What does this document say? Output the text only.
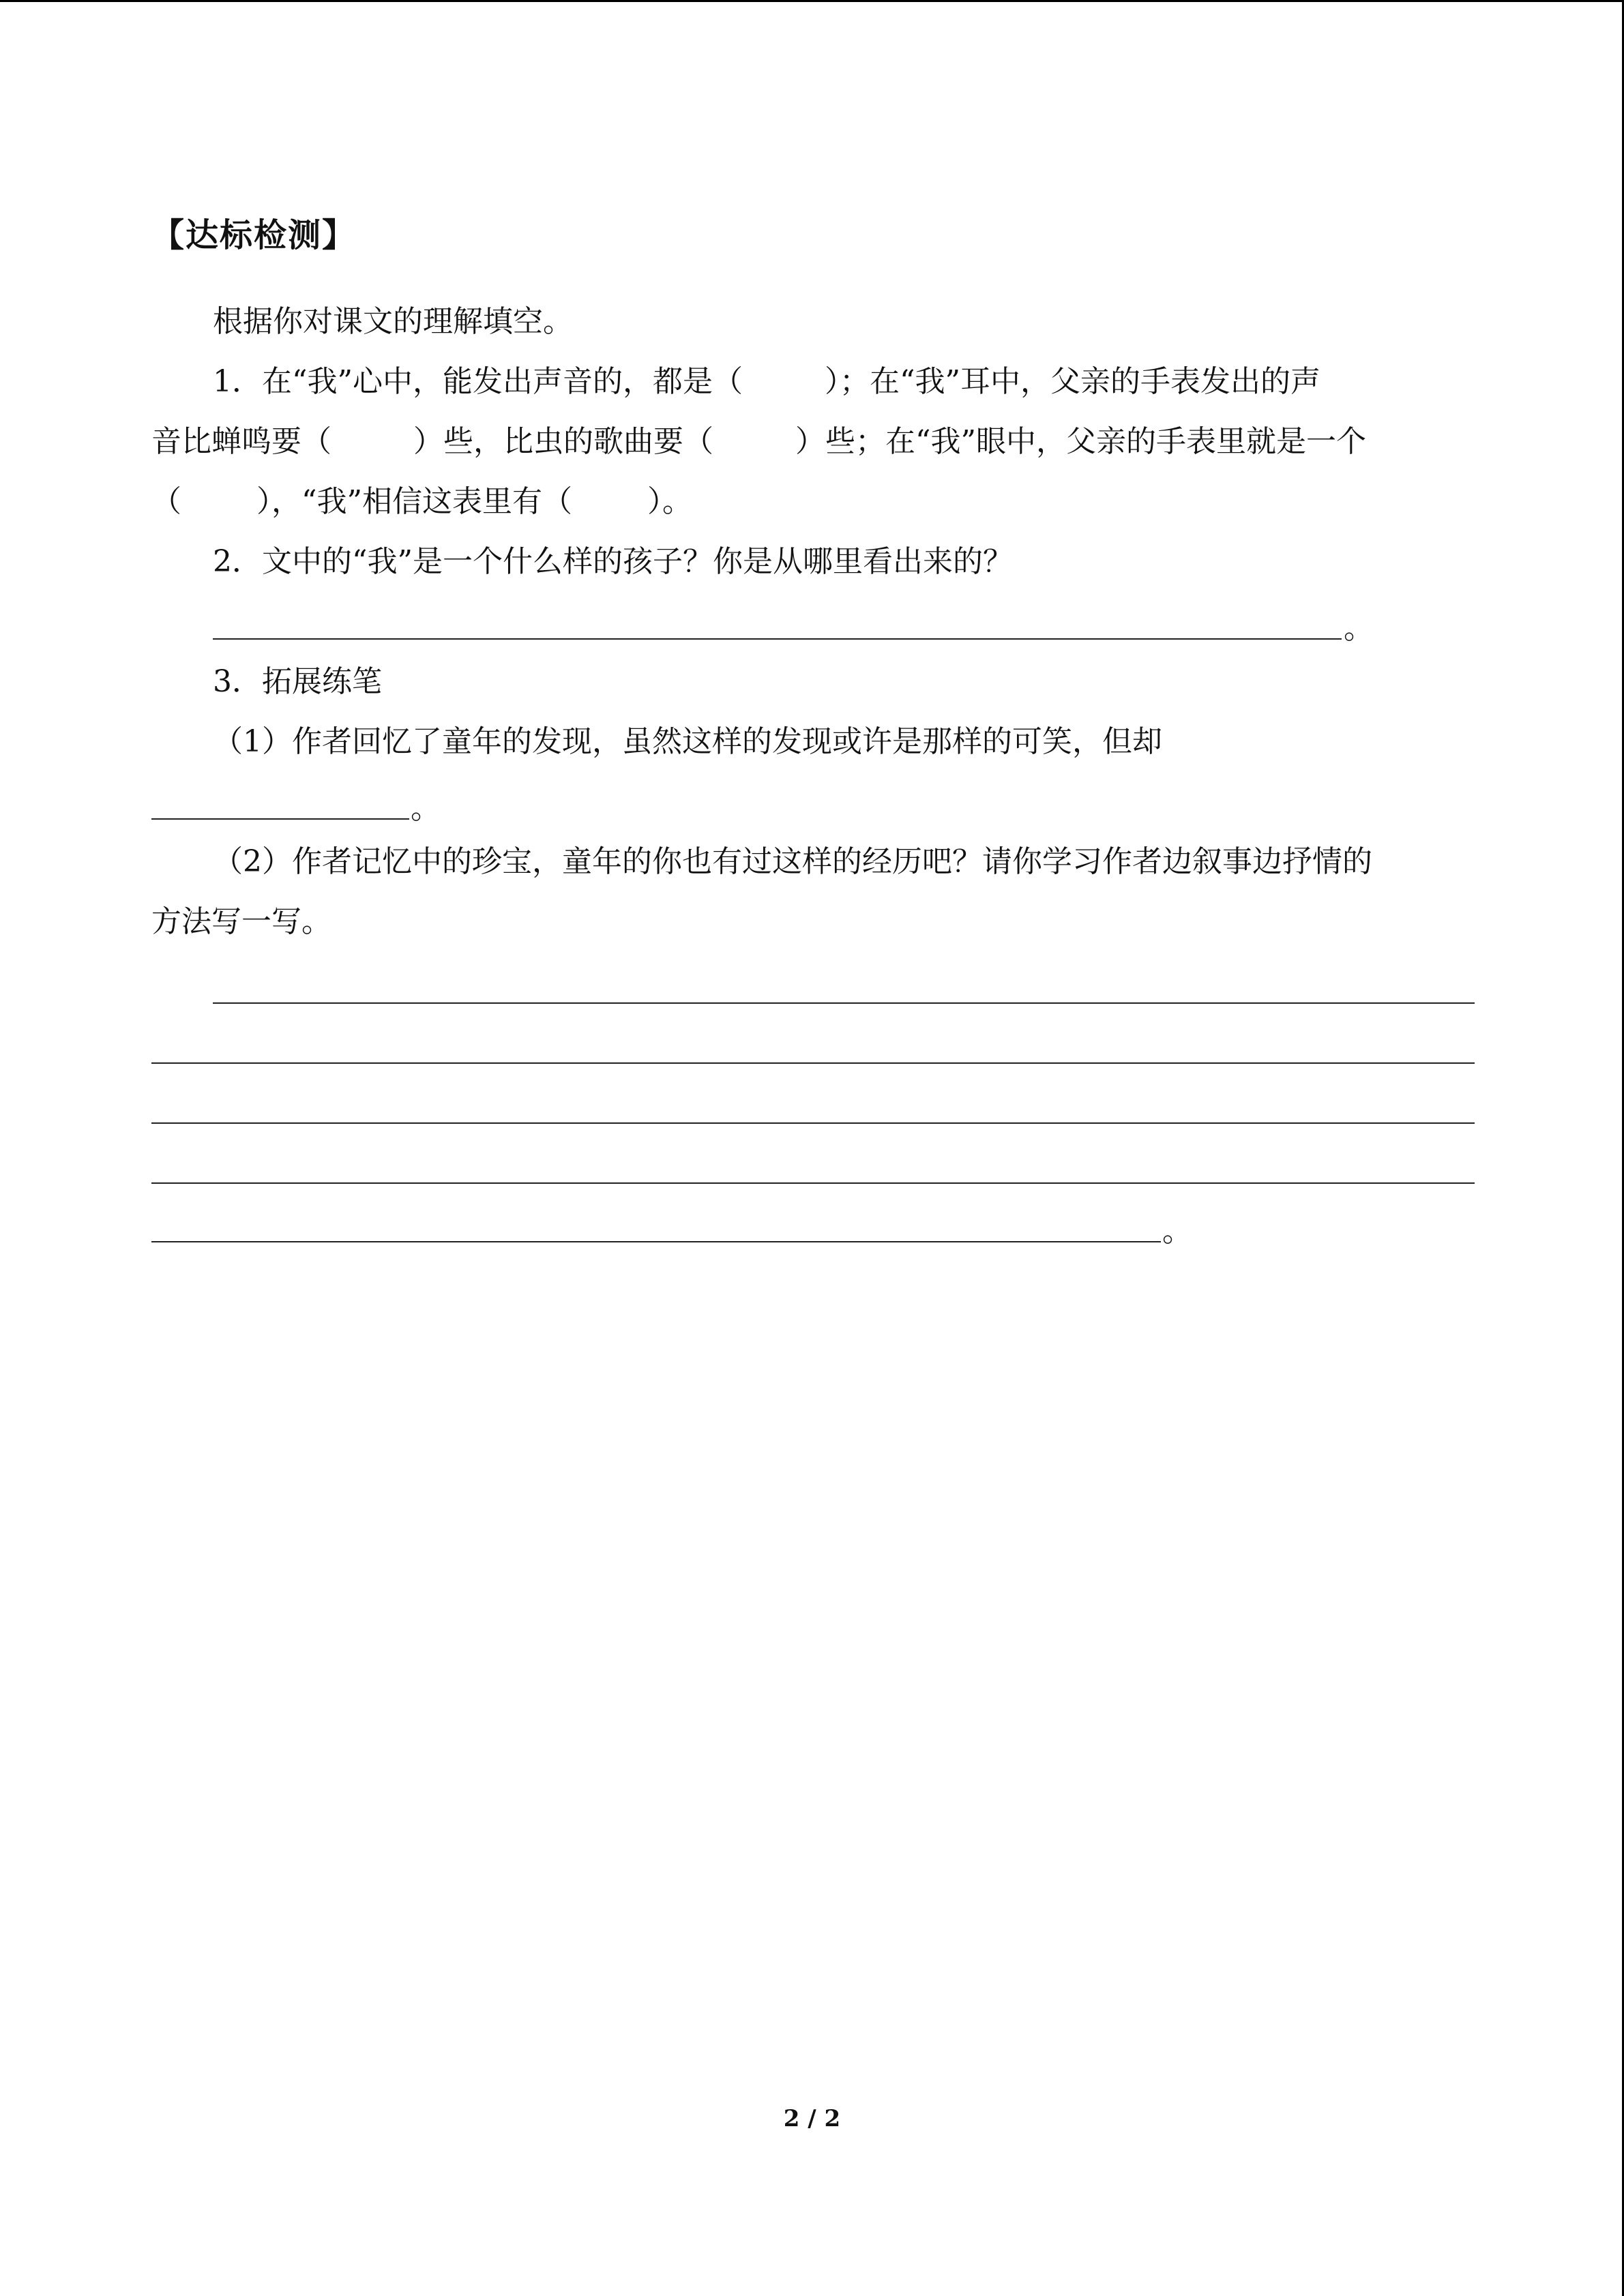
【达标检测】
根据你对课文的理解填空。
1．在“我”心中，能发出声音的，都是（	）；在“我”耳中，父亲的手表发出的声
音比蝉鸣要（	）些，比虫的歌曲要（	）些；在“我”眼中，父亲的手表里就是一个
（	），“我”相信这表里有（	）。
2．文中的“我”是一个什么样的孩子？你是从哪里看出来的？
。
3．拓展练笔
（1）作者回忆了童年的发现，虽然这样的发现或许是那样的可笑，但却
。
（2）作者记忆中的珍宝，童年的你也有过这样的经历吧？请你学习作者边叙事边抒情的
方法写一写。
。
2 / 2
